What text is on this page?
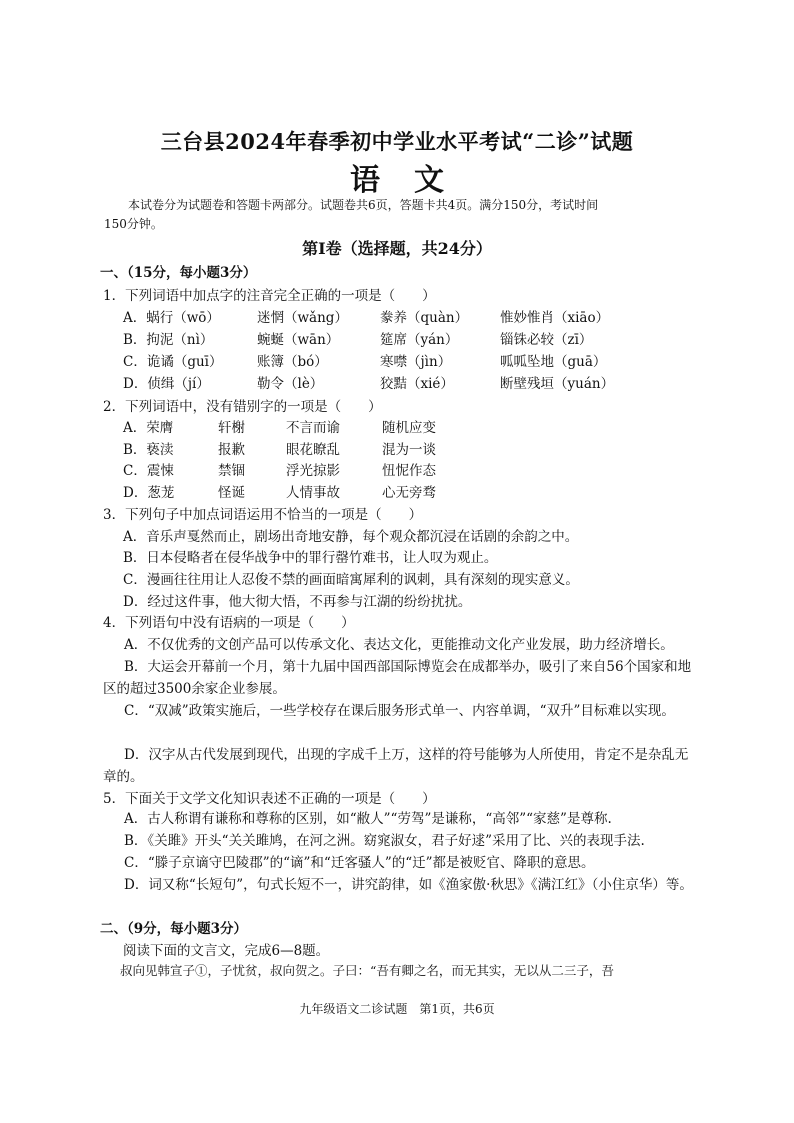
三台县2024年春季初中学业水平考试“二诊”试题
语文
本试卷分为试题卷和答题卡两部分。试题卷共6页，答题卡共4页。满分150分，考试时间
150分钟。
第Ⅰ卷（选择题，共24分）
一、（15分，每小题3分）
1．下列词语中加点字的注音完全正确的一项是（　　）
A．蜗行（wō）	迷惘（wǎng） 豢养（quàn） 惟妙惟肖（xiāo）
B．拘泥（nì）	蜿蜒（wān）	筵席（yán）	锱铢必较（zī）
C．诡谲（guī）	账簿（bó）	寒噤（jìn）	呱呱坠地（guā）
D．侦缉（jí）	勒令（lè）	狡黠（xié）	断壁残垣（yuán）
2．下列词语中，没有错别字的一项是（　　）
A．荣膺	轩榭	不言而谕	随机应变
B．亵渎	报歉	眼花瞭乱	混为一谈
C．震悚	禁锢	浮光掠影	忸怩作态
D．葱茏	怪诞	人情事故	心无旁骛
3．下列句子中加点词语运用不恰当的一项是（　　）
A．音乐声戛然而止，剧场出奇地安静，每个观众都沉浸在话剧的余韵之中。
B．日本侵略者在侵华战争中的罪行罄竹难书，让人叹为观止。
C．漫画往往用让人忍俊不禁的画面暗寓犀利的讽刺，具有深刻的现实意义。
D．经过这件事，他大彻大悟，不再参与江湖的纷纷扰扰。
4．下列语句中没有语病的一项是（　　）
A．不仅优秀的文创产品可以传承文化、表达文化，更能推动文化产业发展，助力经济增长。
B．大运会开幕前一个月，第十九届中国西部国际博览会在成都举办，吸引了来自56个国家和地区的超过3500余家企业参展。
C．“双减”政策实施后，一些学校存在课后服务形式单一、内容单调，“双升”目标难以实现。
D．汉字从古代发展到现代，出现的字成千上万，这样的符号能够为人所使用，肯定不是杂乱无章的。
5．下面关于文学文化知识表述不正确的一项是（　　）
A．古人称谓有谦称和尊称的区别，如“敝人”“劳驾”是谦称，“高邻”“家慈”是尊称.
B．《关雎》开头“关关雎鸠，在河之洲。窈窕淑女，君子好逑”采用了比、兴的表现手法.
C．“滕子京谪守巴陵郡”的“谪”和“迁客骚人”的“迁”都是被贬官、降职的意思。
D．词又称“长短句”，句式长短不一，讲究韵律，如《渔家傲·秋思》《满江红》（小住京华）等。
二、（9分，每小题3分）
阅读下面的文言文，完成6—8题。
叔向见韩宣子①，子忧贫，叔向贺之。子曰：“吾有卿之名，而无其实，无以从二三子，吾
九年级语文二诊试题　第1页，共6页
